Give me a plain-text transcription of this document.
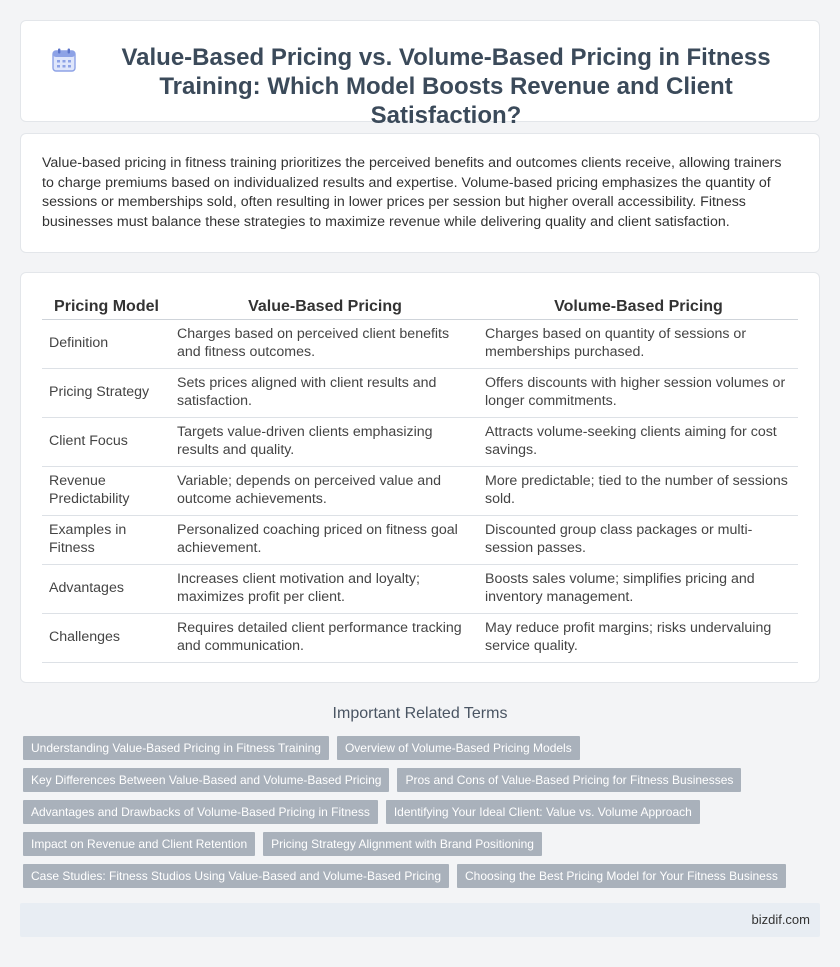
Value-Based Pricing vs. Volume-Based Pricing in Fitness Training: Which Model Boosts Revenue and Client Satisfaction?

Value-based pricing in fitness training prioritizes the perceived benefits and outcomes clients receive, allowing trainers to charge premiums based on individualized results and expertise. Volume-based pricing emphasizes the quantity of sessions or memberships sold, often resulting in lower prices per session but higher overall accessibility. Fitness businesses must balance these strategies to maximize revenue while delivering quality and client satisfaction.

Pricing Model	Value-Based Pricing	Volume-Based Pricing
Definition	Charges based on perceived client benefits and fitness outcomes.	Charges based on quantity of sessions or memberships purchased.
Pricing Strategy	Sets prices aligned with client results and satisfaction.	Offers discounts with higher session volumes or longer commitments.
Client Focus	Targets value-driven clients emphasizing results and quality.	Attracts volume-seeking clients aiming for cost savings.
Revenue Predictability	Variable; depends on perceived value and outcome achievements.	More predictable; tied to the number of sessions sold.
Examples in Fitness	Personalized coaching priced on fitness goal achievement.	Discounted group class packages or multi-session passes.
Advantages	Increases client motivation and loyalty; maximizes profit per client.	Boosts sales volume; simplifies pricing and inventory management.
Challenges	Requires detailed client performance tracking and communication.	May reduce profit margins; risks undervaluing service quality.
Important Related Terms
Understanding Value-Based Pricing in Fitness Training	Overview of Volume-Based Pricing Models
Key Differences Between Value-Based and Volume-Based Pricing	Pros and Cons of Value-Based Pricing for Fitness Businesses
Advantages and Drawbacks of Volume-Based Pricing in Fitness	Identifying Your Ideal Client: Value vs. Volume Approach
Impact on Revenue and Client Retention	Pricing Strategy Alignment with Brand Positioning
Case Studies: Fitness Studios Using Value-Based and Volume-Based Pricing	Choosing the Best Pricing Model for Your Fitness Business
bizdif.com
